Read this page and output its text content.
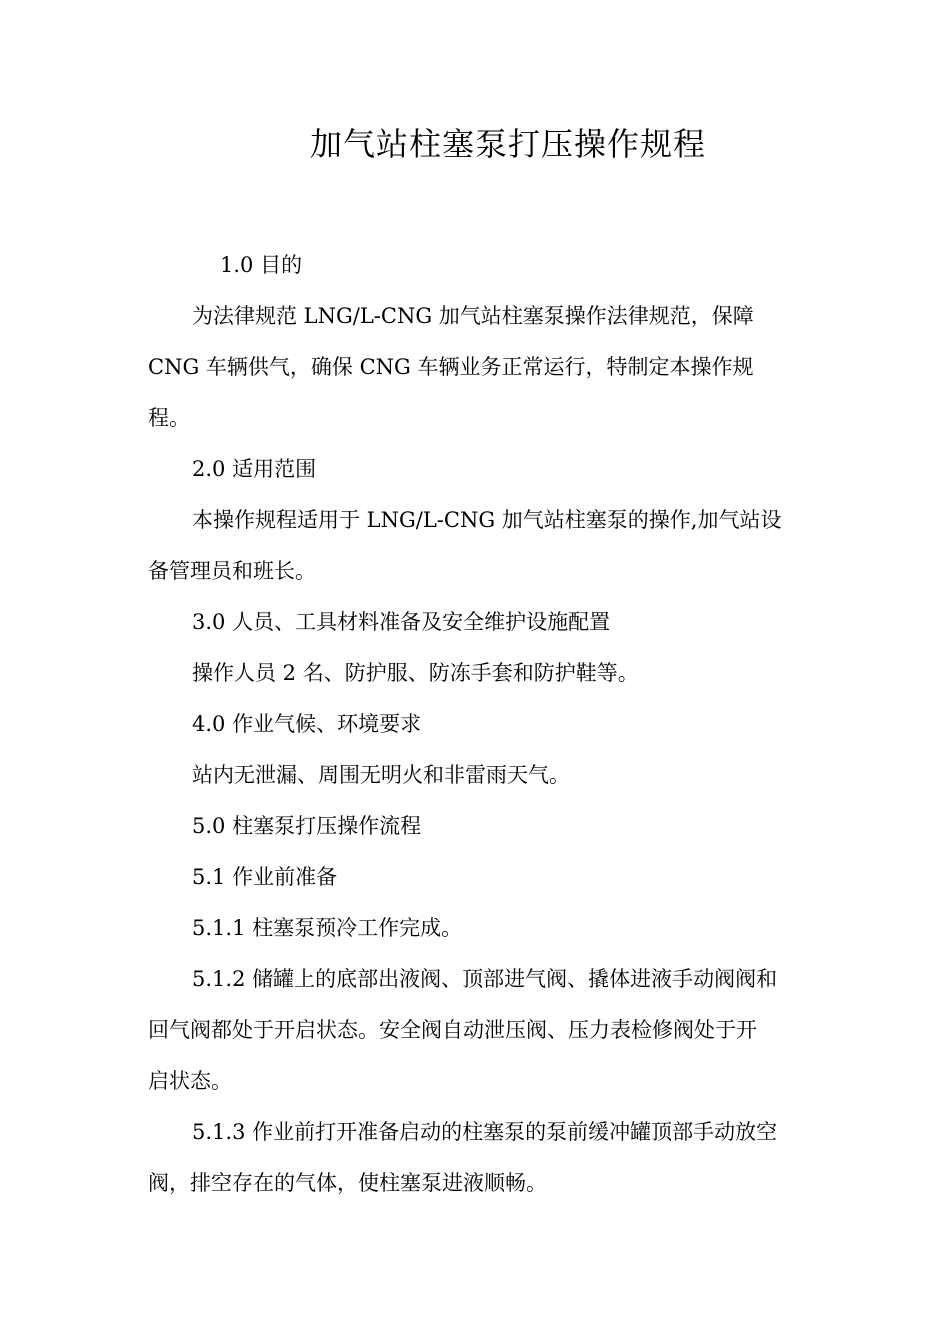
加气站柱塞泵打压操作规程

1.0 目的

为法律规范 LNG/L-CNG 加气站柱塞泵操作法律规范，保障
CNG 车辆供气，确保 CNG 车辆业务正常运行，特制定本操作规
程。

2.0 适用范围

本操作规程适用于 LNG/L-CNG 加气站柱塞泵的操作,加气站设
备管理员和班长。

3.0 人员、工具材料准备及安全维护设施配置

操作人员 2 名、防护服、防冻手套和防护鞋等。

4.0 作业气候、环境要求

站内无泄漏、周围无明火和非雷雨天气。

5.0 柱塞泵打压操作流程

5.1 作业前准备

5.1.1 柱塞泵预冷工作完成。

5.1.2 储罐上的底部出液阀、顶部进气阀、撬体进液手动阀阀和
回气阀都处于开启状态。安全阀自动泄压阀、压力表检修阀处于开
启状态。

5.1.3 作业前打开准备启动的柱塞泵的泵前缓冲罐顶部手动放空
阀，排空存在的气体，使柱塞泵进液顺畅。
